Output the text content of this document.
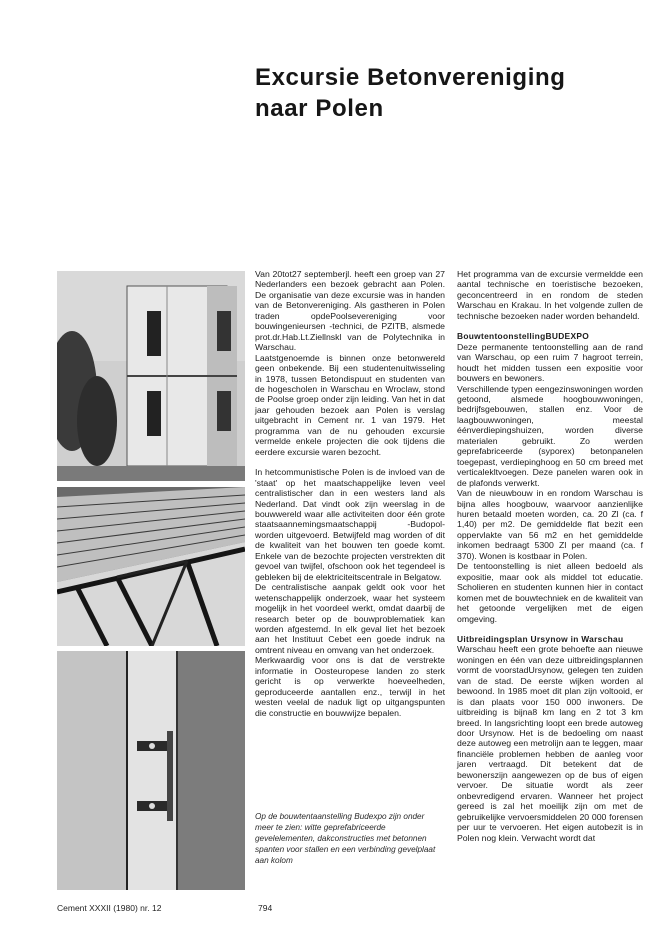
Excursie Betonvereniging
naar Polen

Van 20tot27 septemberjl. heeft een groep van 27 Nederlanders een bezoek gebracht aan Polen. De organisatie van deze excursie was in handen van de Betonvereniging. Als gastheren in Polen traden opdePoolsevereniging voor bouwingenieursen -technici, de PZITB, alsmede prot.dr.Hab.Lt.Ziellnskl van de Polytechnika in Warschau.

Laatstgenoemde is binnen onze betonwereld geen onbekende. Bij een studentenuitwisseling in 1978, tussen Betondispuut en studenten van de hogescholen in Warschau en Wroclaw, stond de Poolse groep onder zijn leiding. Van het in dat jaar gehouden bezoek aan Polen is verslag uitgebracht in Cement nr. 1 van 1979. Het programma van de nu gehouden excursie vermelde enkele projecten die ook tijdens die eerdere excursie waren bezocht.

In hetcommunistische Polen is de invloed van de 'staat' op het maatschappelijke leven veel centralistischer dan in een westers land als Nederland. Dat vindt ook zijn weerslag in de bouwwereld waar alle activiteiten door één grote staatsaannemingsmaatschappij -Budopol- worden uitgevoerd. Betwijfeld mag worden of dit de kwaliteit van het bouwen ten goede komt. Enkele van de bezochte projecten verstrekten dit gevoel van twijfel, ofschoon ook het tegendeel is gebleken bij de elektriciteitscentrale in Belgatow.

De centralistische aanpak geldt ook voor het wetenschappelijk onderzoek, waar het systeem mogelijk in het voordeel werkt, omdat daarbij de research beter op de bouwproblematiek kan worden afgestemd. In elk geval liet het bezoek aan het Instituut Cebet een goede indruk na omtrent niveau en omvang van het onderzoek.

Merkwaardig voor ons is dat de verstrekte informatie in Oosteuropese landen zo sterk gericht is op verwerkte hoeveelheden, geproduceerde aantallen enz., terwijl in het westen veelal de naduk ligt op uitgangspunten die constructie en bouwwijze bepalen.

Op de bouwtentaanstelling Budexpo zijn onder meer te zien: witte geprefabriceerde gevelelementen, dakconstructies met betonnen spanten voor stallen en een verbinding gevelplaat aan kolom

Het programma van de excursie vermeldde een aantal technische en toeristische bezoeken, geconcentreerd in en rondom de steden Warschau en Krakau. In het volgende zullen de technische bezoeken nader worden behandeld.

BouwtentoonstellingBUDEXPO

Deze permanente tentoonstelling aan de rand van Warschau, op een ruim 7 hagroot terrein, houdt het midden tussen een expositie voor bouwers en bewoners.

Verschillende typen eengezinswoningen worden getoond, alsmede hoogbouwwoningen, bedrijfsgebouwen, stallen enz. Voor de laagbouwwoningen, meestal éénverdiepingshuizen, worden diverse materialen gebruikt. Zo werden geprefabriceerde (syporex) betonpanelen toegepast, verdiepinghoog en 50 cm breed met verticalekltvoegen. Deze panelen waren ook in de plafonds verwerkt.

Van de nieuwbouw in en rondom Warschau is bijna alles hoogbouw, waarvoor aanzienlijke huren betaald moeten worden, ca. 20 Zl (ca. f 1,40) per m2. De gemiddelde flat bezit een oppervlakte van 56 m2 en het gemiddelde inkomen bedraagt 5300 Zl per maand (ca. f 370). Wonen is kostbaar in Polen.

De tentoonstelling is niet alleen bedoeld als expositie, maar ook als middel tot educatie. Scholieren en studenten kunnen hier in contact komen met de bouwtechniek en de kwaliteit van het getoonde vergelijken met de eigen omgeving.

Uitbreidingsplan Ursynow in Warschau

Warschau heeft een grote behoefte aan nieuwe woningen en één van deze uitbreidingsplannen vormt de voorstadUrsynow, gelegen ten zuiden van de stad. De eerste wijken worden al bewoond. In 1985 moet dit plan zijn voltooid, er is dan plaats voor 150 000 inwoners. De uitbreiding is bijna8 km lang en 2 tot 3 km breed. In langsrichting loopt een brede autoweg door Ursynow. Het is de bedoeling om naast deze autoweg een metrolijn aan te leggen, maar financiële problemen hebben de aanleg voor jaren vertraagd. Dit betekent dat de bewonerszijn aangewezen op de bus of eigen vervoer. De situatie wordt als zeer onbevredigend ervaren. Wanneer het project gereed is zal het moeilijk zijn om met de gebruikelijke vervoersmiddelen 20 000 forensen per uur te vervoeren. Het eigen autobezit is in Polen nog klein. Verwacht wordt dat

Cement XXXII (1980) nr. 12	794
